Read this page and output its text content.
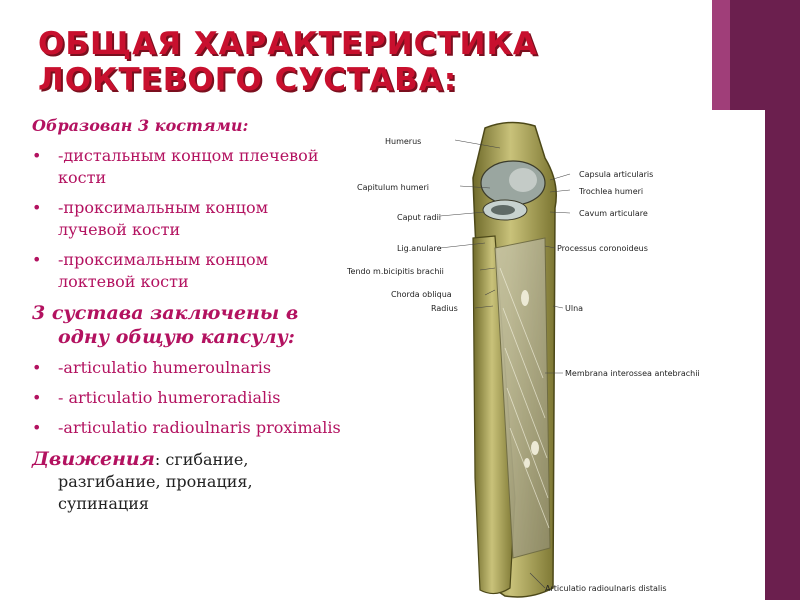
ОБЩАЯ ХАРАКТЕРИСТИКА
ЛОКТЕВОГО СУСТАВА:
Образован 3 костями:
• -дистальным концом плечевой кости
• -проксимальным концом лучевой кости
• -проксимальным концом локтевой кости
3 сустава заключены в одну общую капсулу:
• -articulatio humeroulnaris
• - articulatio humeroradialis
• -articulatio radioulnaris proximalis
Движения: сгибание, разгибание, пронация, супинация
Humerus
Capitulum humeri
Caput radii
Lig.anulare
Tendo m.bicipitis brachii
Chorda obliqua
Radius
Capsula articularis
Trochlea humeri
Cavum articulare
Processus coronoideus
Ulna
Membrana interossea antebrachii
Articulatio radioulnaris distalis
